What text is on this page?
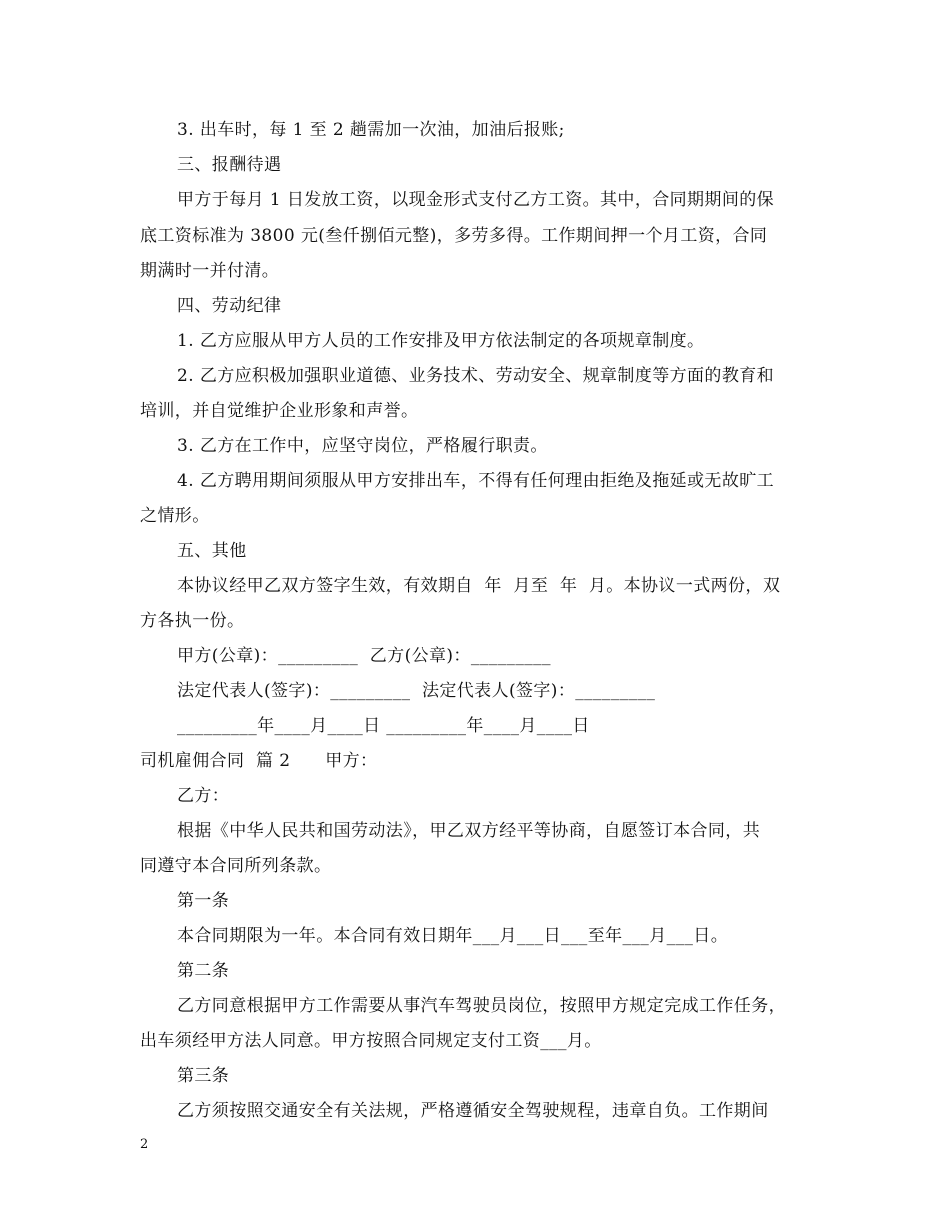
3. 出车时，每 1 至 2 趟需加一次油，加油后报账;
三、报酬待遇
甲方于每月 1 日发放工资，以现金形式支付乙方工资。其中，合同期期间的保
底工资标准为 3800 元(叁仟捌佰元整)，多劳多得。工作期间押一个月工资，合同
期满时一并付清。
四、劳动纪律
1. 乙方应服从甲方人员的工作安排及甲方依法制定的各项规章制度。
2. 乙方应积极加强职业道德、业务技术、劳动安全、规章制度等方面的教育和
培训，并自觉维护企业形象和声誉。
3. 乙方在工作中，应坚守岗位，严格履行职责。
4. 乙方聘用期间须服从甲方安排出车，不得有任何理由拒绝及拖延或无故旷工
之情形。
五、其他
本协议经甲乙双方签字生效，有效期自  年  月至  年  月。本协议一式两份，双
方各执一份。
甲方(公章)：_________  乙方(公章)：_________
法定代表人(签字)：_________  法定代表人(签字)：_________
_________年____月____日 _________年____月____日
司机雇佣合同  篇 2      甲方：
乙方：
根据《中华人民共和国劳动法》，甲乙双方经平等协商，自愿签订本合同，共
同遵守本合同所列条款。
第一条
本合同期限为一年。本合同有效日期年___月___日___至年___月___日。
第二条
乙方同意根据甲方工作需要从事汽车驾驶员岗位，按照甲方规定完成工作任务，
出车须经甲方法人同意。甲方按照合同规定支付工资___月。
第三条
乙方须按照交通安全有关法规，严格遵循安全驾驶规程，违章自负。工作期间
2
